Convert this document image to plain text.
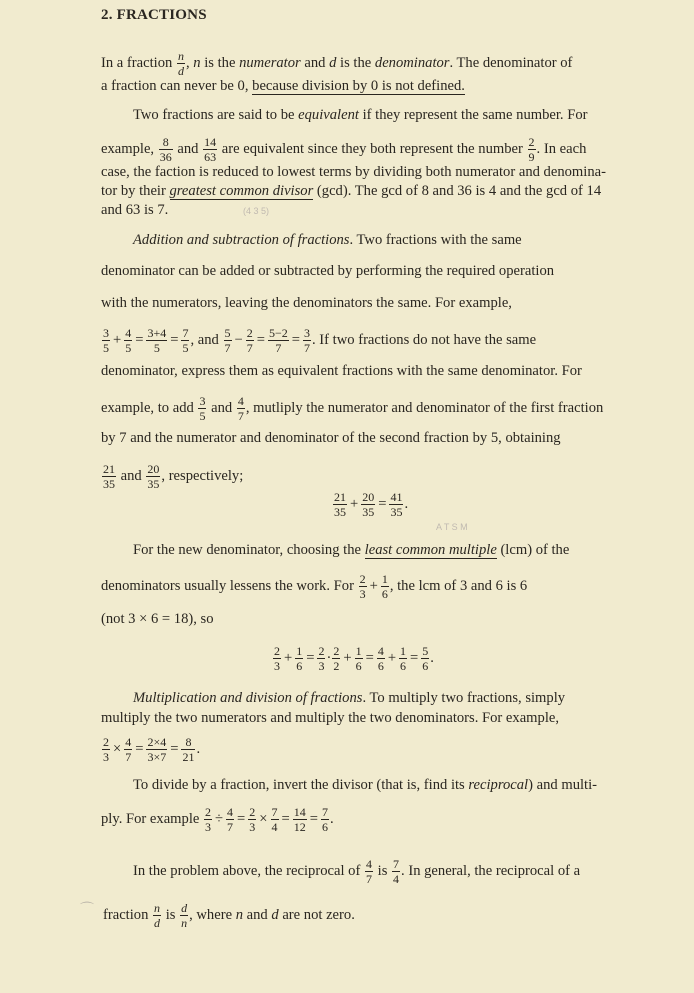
2. FRACTIONS
In a fraction $\frac{n}{d}$ , n is the numerator and d is the denominator. The denominator of
a fraction can never be 0, because division by 0 is not defined.
Two fractions are said to be equivalent if they represent the same number. For
example, $\frac{8}{36}$ and $\frac{14}{63}$ are equivalent since they both represent the number $\frac{2}{9}$ . In each
case, the faction is reduced to lowest terms by dividing both numerator and denomina-
tor by their greatest common divisor (gcd). The gcd of 8 and 36 is 4 and the gcd of 14
and 63 is 7.	(4 3 5)
Addition and subtraction of fractions. Two fractions with the same
denominator can be added or subtracted by performing the required operation
with the numerators, leaving the denominators the same. For example,
$\frac{3}{5} + \frac{4}{5} = \frac{3+4}{5} = \frac{7}{5}$ , and $\frac{5}{7} - \frac{2}{7} = \frac{5-2}{7} = \frac{3}{7}$ . If two fractions do not have the same
denominator, express them as equivalent fractions with the same denominator. For
example, to add $\frac{3}{5}$ and $\frac{4}{7}$ , mutliply the numerator and denominator of the first fraction
by 7 and the numerator and denominator of the second fraction by 5, obtaining
$\frac{21}{35}$ and $\frac{20}{35}$ , respectively;
$\frac{21}{35} + \frac{20}{35} = \frac{41}{35}$ .
A T S M
For the new denominator, choosing the least common multiple (lcm) of the
denominators usually lessens the work. For $\frac{2}{3} + \frac{1}{6}$ , the lcm of 3 and 6 is 6
(not 3 × 6 = 18), so
$\frac{2}{3} + \frac{1}{6} = \frac{2}{3} \cdot \frac{2}{2} + \frac{1}{6} = \frac{4}{6} + \frac{1}{6} = \frac{5}{6}$ .
Multiplication and division of fractions. To multiply two fractions, simply
multiply the two numerators and multiply the two denominators. For example,
$\frac{2}{3} \times \frac{4}{7} = \frac{2\times 4}{3\times 7} = \frac{8}{21}$ .
To divide by a fraction, invert the divisor (that is, find its reciprocal) and multi-
ply. For example $\frac{2}{3} \div \frac{4}{7} = \frac{2}{3} \times \frac{7}{4} = \frac{14}{12} = \frac{7}{6}$ .
In the problem above, the reciprocal of $\frac{4}{7}$ is $\frac{7}{4}$ . In general, the reciprocal of a
⌒ fraction $\frac{n}{d}$ is $\frac{d}{n}$ , where n and d are not zero.
